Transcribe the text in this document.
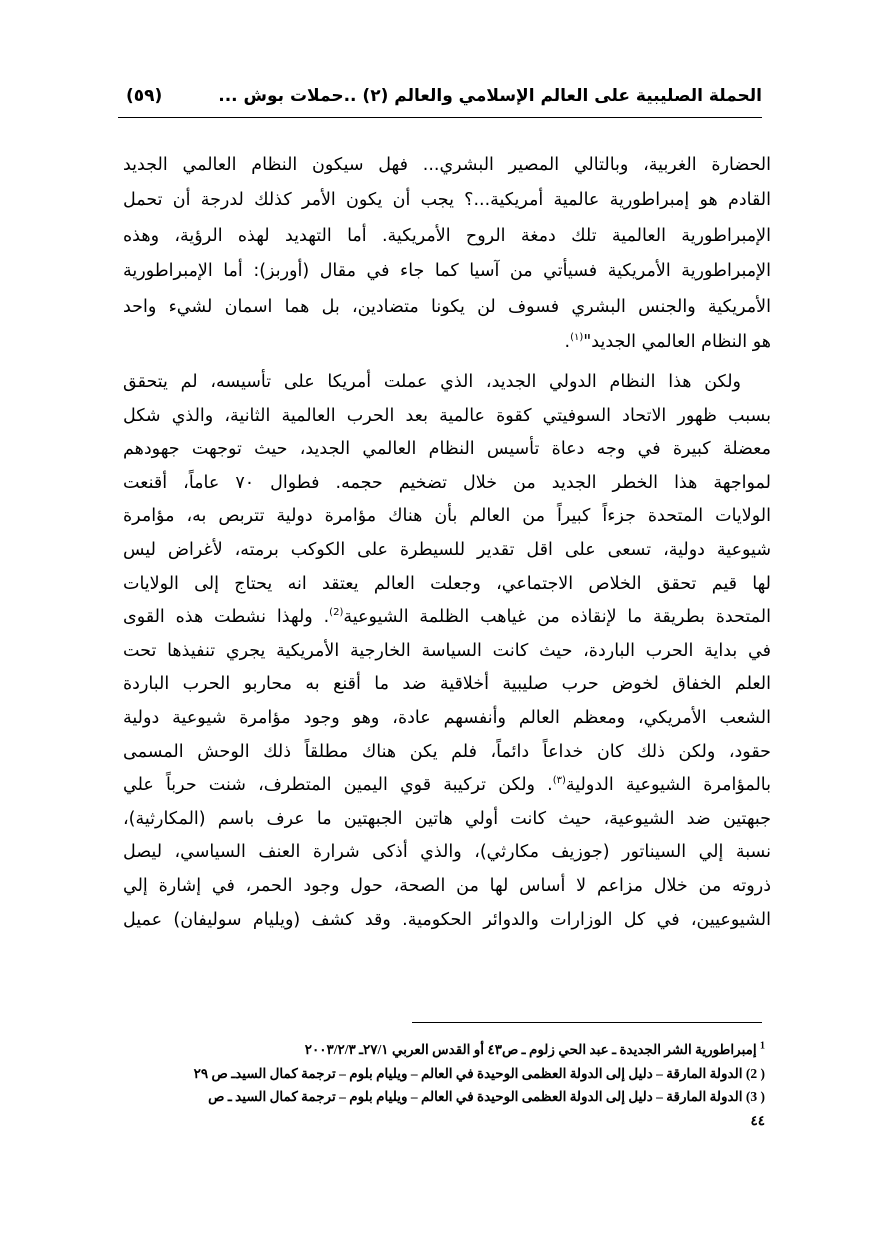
الحملة الصليبية على العالم الإسلامي والعالم (٢) ..حملات بوش ...
(٥٩)
الحضارة الغربية، وبالتالي المصير البشري... فهل سيكون النظام العالمي الجديد
القادم هو إمبراطورية عالمية أمريكية...؟ يجب أن يكون الأمر كذلك لدرجة أن تحمل
الإمبراطورية العالمية تلك دمغة الروح الأمريكية. أما التهديد لهذه الرؤية، وهذه
الإمبراطورية الأمريكية فسيأتي من آسيا كما جاء في مقال (أوربز): أما الإمبراطورية
الأمريكية والجنس البشري فسوف لن يكونا متضادين، بل هما اسمان لشيء واحد
هو النظام العالمي الجديد"$^{(١)}$.
ولكن هذا النظام الدولي الجديد، الذي عملت أمريكا على تأسيسه، لم يتحقق
بسبب ظهور الاتحاد السوفيتي كقوة عالمية بعد الحرب العالمية الثانية، والذي شكل
معضلة كبيرة في وجه دعاة تأسيس النظام العالمي الجديد، حيث توجهت جهودهم
لمواجهة هذا الخطر الجديد من خلال تضخيم حجمه. فطوال ٧٠ عاماً، أقنعت
الولايات المتحدة جزءاً كبيراً من العالم بأن هناك مؤامرة دولية تتربص به، مؤامرة
شيوعية دولية، تسعى على اقل تقدير للسيطرة على الكوكب برمته، لأغراض ليس
لها قيم تحقق الخلاص الاجتماعي، وجعلت العالم يعتقد انه يحتاج إلى الولايات
المتحدة بطريقة ما لإنقاذه من غياهب الظلمة الشيوعية$^{(2)}$. ولهذا نشطت هذه القوى
في بداية الحرب الباردة، حيث كانت السياسة الخارجية الأمريكية يجري تنفيذها تحت
العلم الخفاق لخوض حرب صليبية أخلاقية ضد ما أقنع به محاربو الحرب الباردة
الشعب الأمريكي، ومعظم العالم وأنفسهم عادة، وهو وجود مؤامرة شيوعية دولية
حقود، ولكن ذلك كان خداعاً دائماً، فلم يكن هناك مطلقاً ذلك الوحش المسمى
بالمؤامرة الشيوعية الدولية$^{(٣)}$. ولكن تركيبة قوي اليمين المتطرف، شنت حرباً علي
جبهتين ضد الشيوعية، حيث كانت أولي هاتين الجبهتين ما عرف باسم (المكارثية)،
نسبة إلي السيناتور (جوزيف مكارثي)، والذي أذكى شرارة العنف السياسي، ليصل
ذروته من خلال مزاعم لا أساس لها من الصحة، حول وجود الحمر، في إشارة إلي
الشيوعيين، في كل الوزارات والدوائر الحكومية. وقد كشف (ويليام سوليفان) عميل
$^1$ إمبراطورية الشر الجديدة ـ عبد الحي زلوم ـ ص٤٣ أو القدس العربي ٢٧/١ـ ٢٠٠٣/٢/٣
( 2) الدولة المارقة – دليل إلى الدولة العظمى الوحيدة في العالم – ويليام بلوم – ترجمة كمال السيدـ ص ٢٩
( 3) الدولة المارقة – دليل إلى الدولة العظمى الوحيدة في العالم – ويليام بلوم – ترجمة كمال السيد ـ ص
٤٤
